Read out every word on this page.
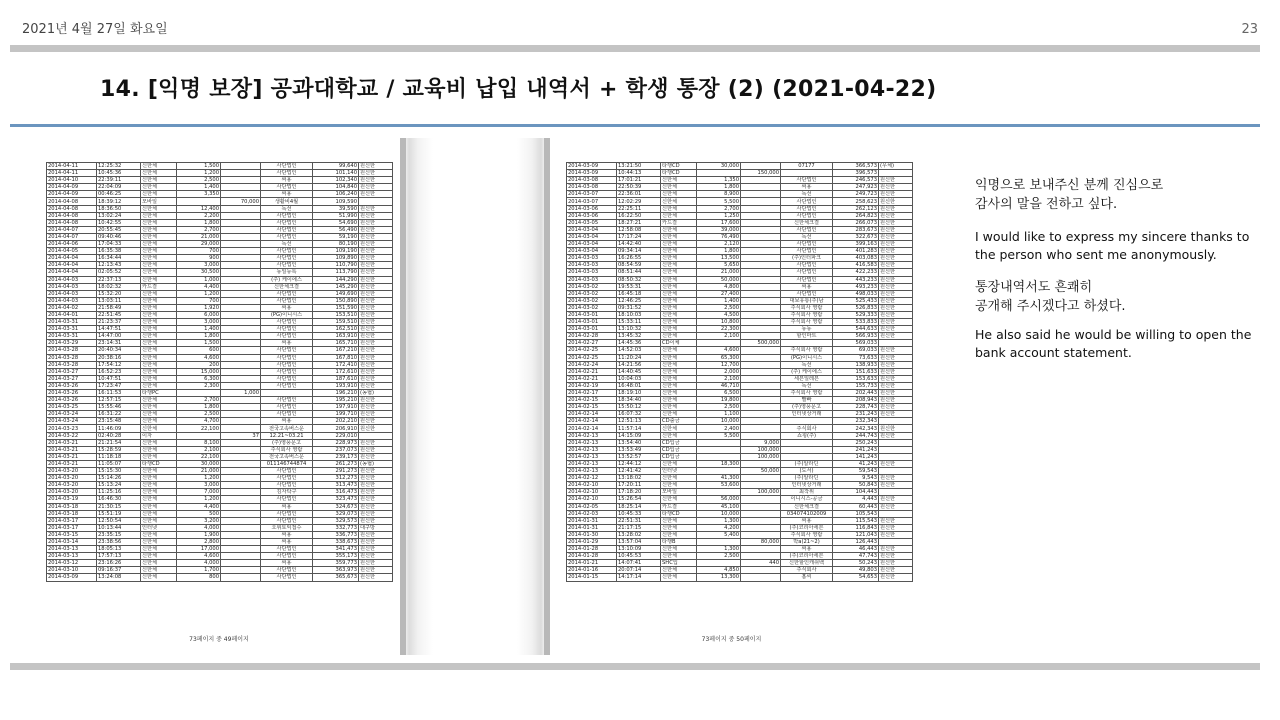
2021년 4월 27일 화요일	23
14. [익명 보장] 공과대학교 / 교육비 납입 내역서 + 학생 통장 (2) (2021-04-22)
2014-04-11	12:25:32	신한체	1,500		사단법인	99,640	원신한
2014-04-11	10:45:36	신한체	1,200		사단법인	101,140	원신한
2014-04-10	22:39:11	신한체	2,500		써용	102,340	원신한
2014-04-09	22:04:09	신한체	1,400		사단법인	104,840	원신한
2014-04-09	00:46:25	신한체	3,350		써용	106,240	원신한
2014-04-08	18:39:12	모바일		70,000	생활비4월	109,590	
2014-04-08	18:36:50	신한체	12,400		독선	39,590	원신한
2014-04-08	13:02:24	신한체	2,200		사단법인	51,990	원신한
2014-04-08	10:42:55	신한체	1,800		사단법인	54,690	원신한
2014-04-07	20:55:45	신한체	2,700		사단법인	56,490	원신한
2014-04-07	09:40:46	신한체	21,000		사단법인	59,190	원신한
2014-04-06	17:04:33	신한체	29,000		독선	80,190	원신한
2014-04-05	16:35:38	신한체	700		사단법인	109,190	원신한
2014-04-04	16:34:44	신한체	900		사단법인	109,890	원신한
2014-04-04	12:13:43	신한체	3,000		사단법인	110,790	원신한
2014-04-04	02:05:52	신한체	30,500		동일등록	113,790	원신한
2014-04-03	22:37:13	신한체	1,000		(주) 케이에스	144,290	원신한
2014-04-03	18:02:32	카드결	4,400		신한체크결	145,290	원신한
2014-04-03	15:32:20	신한체	1,200		사단법인	149,690	원신한
2014-04-03	13:03:11	신한체	700		사단법인	150,890	원신한
2014-04-02	21:58:49	신한체	1,920		써용	151,590	원신한
2014-04-01	22:51:45	신한체	6,000		(PG)이니시스	153,510	원신한
2014-03-31	21:23:37	신한체	3,000		사단법인	159,510	원신한
2014-03-31	14:47:51	신한체	1,400		사단법인	162,510	원신한
2014-03-31	14:47:00	신한체	1,800		사단법인	163,910	원신한
2014-03-29	23:14:31	신한체	1,500		써용	165,710	원신한
2014-03-28	20:40:34	신한체	600		사단법인	167,210	원신한
2014-03-28	20:38:16	신한체	4,600		사단법인	167,810	원신한
2014-03-28	17:54:12	신한체	200		사단법인	172,410	원신한
2014-03-27	16:52:23	신한체	15,000		사단법인	172,610	원신한
2014-03-27	10:47:51	신한체	6,300		사단법인	187,610	원신한
2014-03-26	17:23:47	신한체	2,300		사단법인	193,910	원신한
2014-03-26	16:11:53	타행PC		1,000		196,210	(농협)
2014-03-26	12:57:15	신한체	2,700		사단법인	195,210	원신한
2014-03-25	15:55:46	신한체	1,800		사단법인	197,910	원신한
2014-03-24	16:31:22	신한체	2,500		사단법인	199,710	원신한
2014-03-24	23:15:48	신한체	4,700		써용	202,210	원신한
2014-03-23	11:46:09	신한체	22,100		전국고속버스운	206,910	원신한
2014-03-22	02:40:28	이자		37	12.21~03.21	229,010	
2014-03-21	21:21:54	신한체	8,100		(주)영풍문고	228,973	원신한
2014-03-21	15:28:59	신한체	2,100		주식회사 영람	237,073	원신한
2014-03-21	11:18:18	신한체	22,100		전국고속버스운	239,173	원신한
2014-03-21	11:05:07	타행CD	30,000		011146744874	261,273	(농협)
2014-03-20	15:15:30	신한체	21,000		사단법인	291,273	원신한
2014-03-20	15:14:26	신한체	1,200		사단법인	312,273	원신한
2014-03-20	15:13:24	신한체	3,000		사단법인	313,473	원신한
2014-03-20	11:25:16	신한체	7,000		김자탁구	316,473	원신한
2014-03-19	16:46:30	신한체	1,200		사단법인	323,473	원신한
2014-03-18	21:30:15	신한체	4,400		써용	324,673	원신한
2014-03-18	15:51:19	신한체	500		사단법인	329,073	원신한
2014-03-17	12:50:54	신한체	3,200		사단법인	329,573	원신한
2014-03-17	10:13:44	인터넷	4,000		오위토익접수	332,773	대구방
2014-03-15	23:35:15	신한체	1,900		써용	336,773	원신한
2014-03-14	23:38:56	신한체	2,800		써용	338,673	원신한
2014-03-13	18:05:13	신한체	17,000		사단법인	341,473	원신한
2014-03-13	17:57:13	신한체	4,600		사단법인	355,173	원신한
2014-03-12	23:16:26	신한체	4,000		써용	359,773	원신한
2014-03-10	09:16:37	신한체	1,700		사단법인	363,973	원신한
2014-03-09	13:24:08	신한체	800		사단법인	365,673	원신한
73페이지 중 49페이지
2014-03-09	13:21:50	타행CD	30,000		07177	366,573	(우체)
2014-03-09	10:44:13	타행CD		150,000		396,573	
2014-03-08	17:01:21	신한체	1,350		사단법인	246,573	원신한
2014-03-08	22:50:39	신한체	1,800		써용	247,923	원신한
2014-03-07	22:36:01	신한체	8,900		독선	249,723	원신한
2014-03-07	12:02:29	신한체	5,500		사단법인	258,623	원신한
2014-03-06	22:25:11	신한체	2,700		사단법인	262,123	원신한
2014-03-06	16:22:50	신한체	1,250		사단법인	264,823	원신한
2014-03-05	18:27:21	카드결	17,600		신한체크결	266,073	원신한
2014-03-04	12:58:08	신한체	39,000		사단법인	283,673	원신한
2014-03-04	17:17:24	신한체	76,490		독선	322,673	원신한
2014-03-04	14:42:40	신한체	2,120		사단법인	399,163	원신한
2014-03-04	09:34:14	신한체	1,800		사단법인	401,283	원신한
2014-03-03	16:26:55	신한체	13,500		(주)인터파크	403,083	원신한
2014-03-03	08:54:59	신한체	5,650		사단법인	416,583	원신한
2014-03-03	08:51:44	신한체	21,000		사단법인	422,233	원신한
2014-03-03	08:50:32	신한체	50,000		사단법인	443,233	원신한
2014-03-02	19:53:31	신한체	4,800		써용	493,233	원신한
2014-03-02	16:45:18	신한체	27,400		사단법인	498,033	원신한
2014-03-02	12:46:25	신한체	1,400		대보유통(주)남	525,433	원신한
2014-03-02	09:31:52	신한체	2,500		주식회사 영람	526,833	원신한
2014-03-01	18:10:03	신한체	4,500		주식회사 영람	529,333	원신한
2014-03-01	15:33:11	신한체	10,800		주식회사 영람	533,833	원신한
2014-03-01	13:10:32	신한체	22,300		동동	544,633	원신한
2014-02-28	13:45:32	신한체	2,100		할인마트	566,933	원신한
2014-02-27	14:45:36	CD이체		500,000		569,033	
2014-02-25	14:52:03	신한체	4,600		주식회사 영람	69,033	원신한
2014-02-25	11:20:24	신한체	65,300		(PG)이니시스	73,633	원신한
2014-02-24	14:21:56	신한체	12,700		독선	138,933	원신한
2014-02-21	14:40:45	신한체	2,000		(주) 케이에스	151,633	원신한
2014-02-21	10:04:03	신한체	2,100		세븐일레븐	153,633	원신한
2014-02-19	16:48:01	신한체	46,710		독선	155,733	원신한
2014-02-17	18:19:10	신한체	6,500		주식회사 영람	202,443	원신한
2014-02-15	18:34:40	신한체	19,800		빨빠	208,943	원신한
2014-02-15	15:50:12	신한체	2,500		(주)영풍문고	228,743	원신한
2014-02-14	16:07:32	신한체	1,100		인터넷상거래	231,243	원신한
2014-02-14	12:51:13	CD출금	10,000			232,343	
2014-02-14	11:57:14	신한체	2,400		주식회사	242,343	원신한
2014-02-13	14:15:09	신한체	5,500		쇼핑(주)	244,743	원신한
2014-02-13	13:54:40	CD입금		9,000		250,243	
2014-02-13	13:53:49	CD입금		100,000		241,243	
2014-02-13	13:52:57	CD입금		100,000		141,243	
2014-02-13	12:44:12	신한체	18,300		(주)알라딘	41,243	원신한
2014-02-13	12:41:42	인터넷		50,000	(도서)	59,543	
2014-02-12	13:18:02	신한체	41,300		(주)알라딘	9,543	원신한
2014-02-10	17:20:11	신한체	53,600		인터넷상거래	50,843	원신한
2014-02-10	17:18:20	모바일		100,000	최작위	104,443	
2014-02-10	15:26:54	신한체	56,000		이니시스-공금	4,443	원신한
2014-02-05	18:25:14	카드결	45,100		신한체크결	60,443	원신한
2014-02-03	10:45:33	타행CD	10,000		034074102009	105,543	
2014-01-31	22:51:31	신한체	1,300		써용	115,543	원신한
2014-01-31	21:17:15	신한체	4,200		(주)코리아세븐	116,843	원신한
2014-01-30	13:28:02	신한체	5,400		주식회사 영람	121,043	원신한
2014-01-29	13:57:04	타행B		80,000	박a(21~2)	126,443	
2014-01-28	13:10:09	신한체	1,300		써용	46,443	원신한
2014-01-28	10:45:53	신한체	2,500		(주)코리아세븐	47,743	원신한
2014-01-21	14:07:41	SHC입		440	신한할인캐쉬백	50,243	원신한
2014-01-16	20:07:14	신한체	4,850		주식회사	49,803	원신한
2014-01-15	14:17:14	신한체	13,300		홈씨	54,653	원신한
73페이지 중 50페이지

익명으로 보내주신 분께 진심으로
감사의 말을 전하고 싶다.

I would like to express my sincere thanks to the person who sent me anonymously.

통장내역서도 흔쾌히
공개해 주시겠다고 하셨다.

He also said he would be willing to open the bank account statement.
